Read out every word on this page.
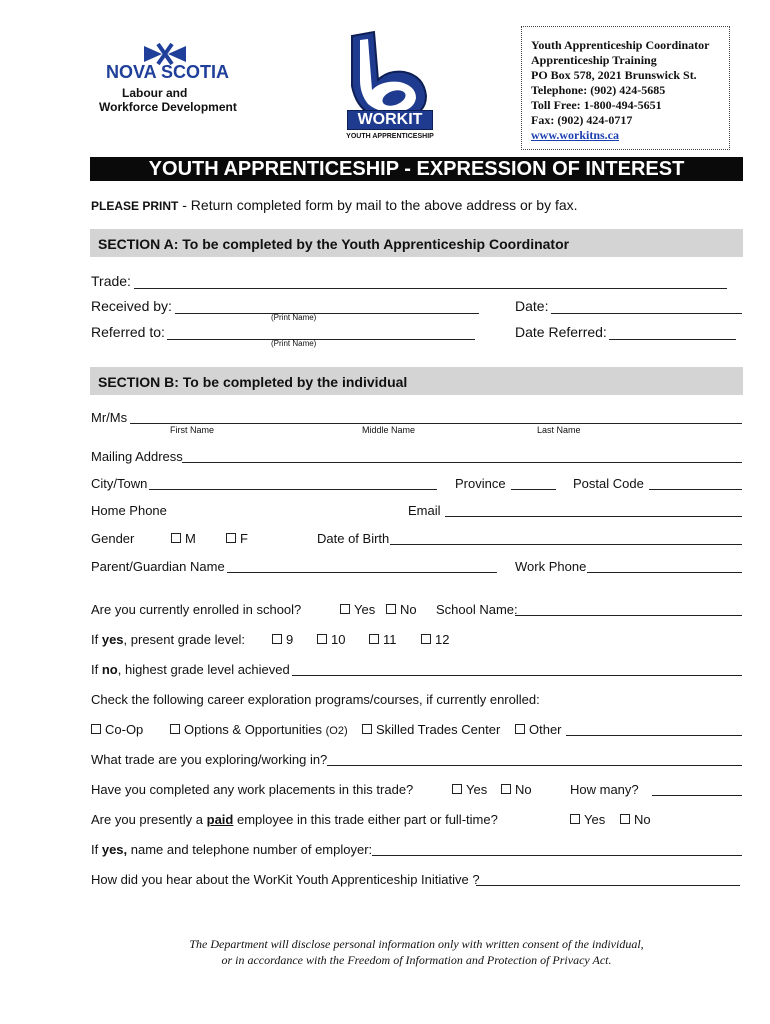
NOVA SCOTIA
Labour and
Workforce Development
WORKIT
YOUTH APPRENTICESHIP
Youth Apprenticeship Coordinator
Apprenticeship Training
PO Box 578, 2021 Brunswick St.
Telephone: (902) 424-5685
Toll Free: 1-800-494-5651
Fax: (902) 424-0717
www.workitns.ca
YOUTH APPRENTICESHIP - EXPRESSION OF INTEREST
PLEASE PRINT - Return completed form by mail to the above address or by fax.
SECTION A: To be completed by the Youth Apprenticeship Coordinator
Trade:
Received by:
(Print Name)
Date:
Referred to:
(Print Name)
Date Referred:
SECTION B: To be completed by the individual
Mr/Ms
First Name	Middle Name	Last Name
Mailing Address
City/Town	Province	Postal Code
Home Phone	Email
Gender	M	F	Date of Birth
Parent/Guardian Name	Work Phone
Are you currently enrolled in school?	Yes	No School Name:
If yes, present grade level:	9	10	11	12
If no, highest grade level achieved
Check the following career exploration programs/courses, if currently enrolled:
Co-Op	Options & Opportunities (O2)	Skilled Trades Center	Other
What trade are you exploring/working in?
Have you completed any work placements in this trade?	Yes	No	How many?
Are you presently a paid employee in this trade either part or full-time?	Yes	No
If yes, name and telephone number of employer:
How did you hear about the WorKit Youth Apprenticeship Initiative ?
The Department will disclose personal information only with written consent of the individual,
or in accordance with the Freedom of Information and Protection of Privacy Act.
